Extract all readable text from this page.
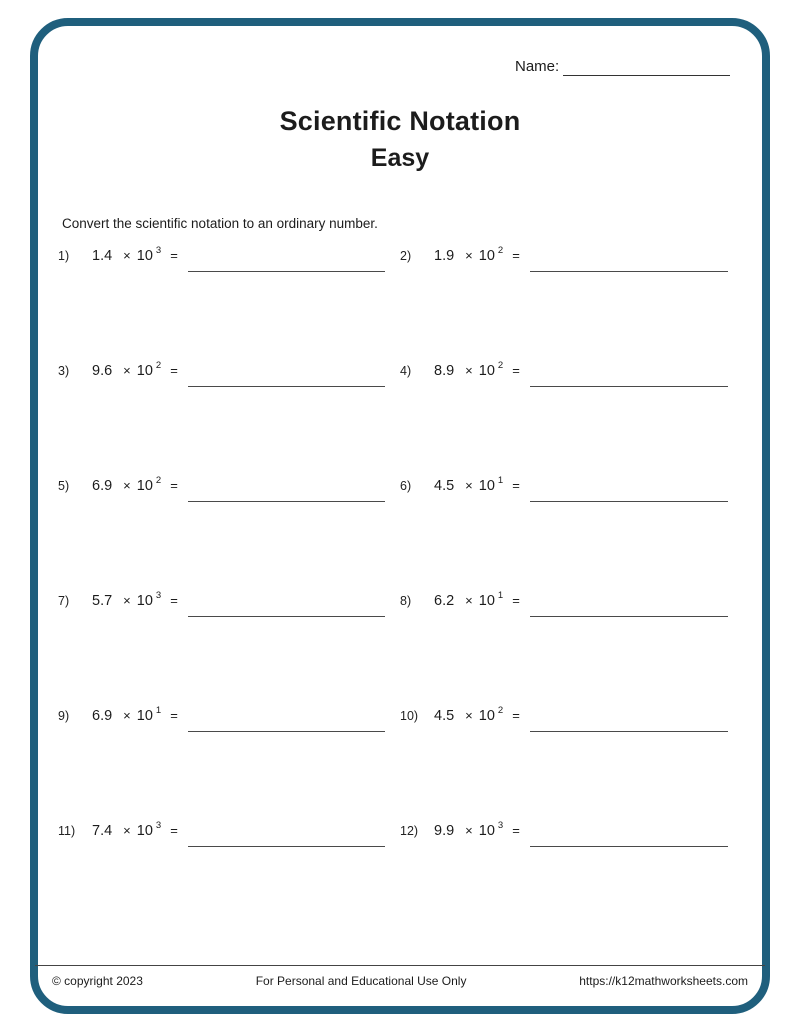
Name:
Scientific Notation
Easy
Convert the scientific notation to an ordinary number.
1)	1.4 × 10 3 =	2)	1.9 × 10 2 =
3)	9.6 × 10 2 =	4)	8.9 × 10 2 =
5)	6.9 × 10 2 =	6)	4.5 × 10 1 =
7)	5.7 × 10 3 =	8)	6.2 × 10 1 =
9)	6.9 × 10 1 =	10)	4.5 × 10 2 =
11)	7.4 × 10 3 =	12)	9.9 × 10 3 =
© copyright 2023	For Personal and Educational Use Only	https://k12mathworksheets.com
